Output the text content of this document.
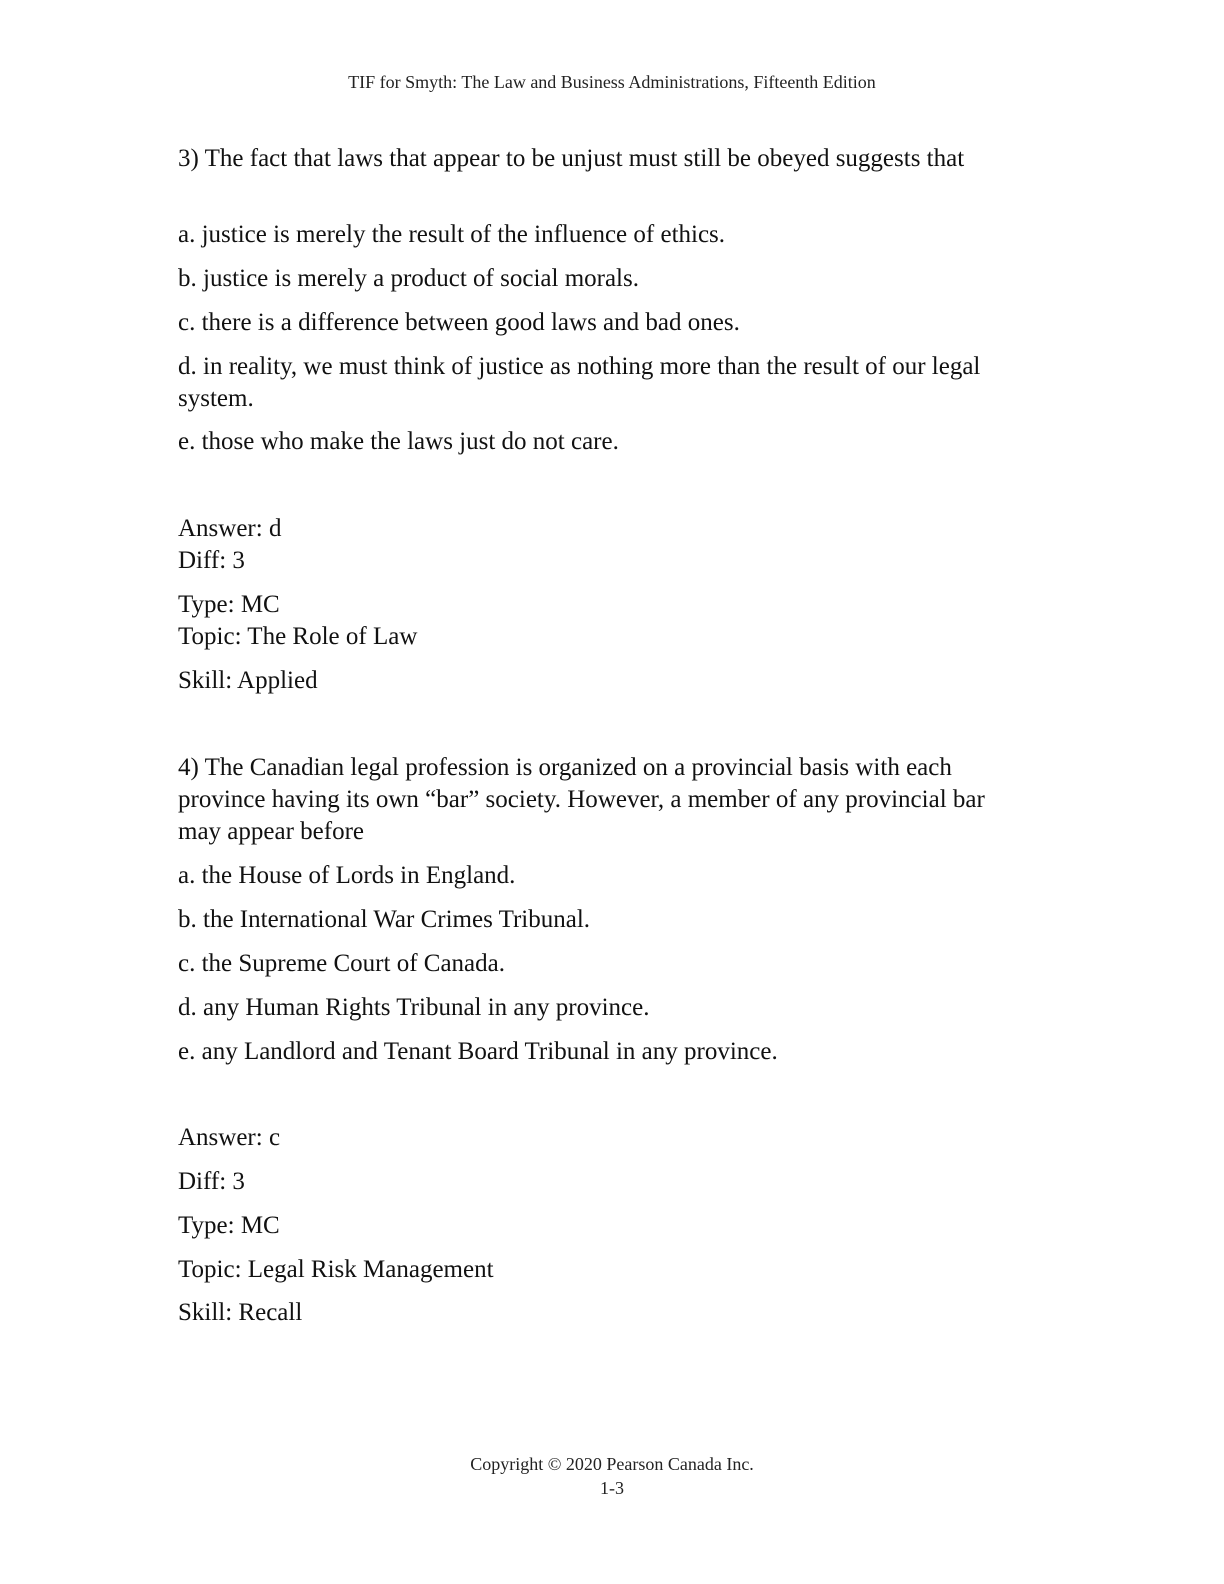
TIF for Smyth: The Law and Business Administrations, Fifteenth Edition
3) The fact that laws that appear to be unjust must still be obeyed suggests that
a. justice is merely the result of the influence of ethics.
b. justice is merely a product of social morals.
c. there is a difference between good laws and bad ones.
d. in reality, we must think of justice as nothing more than the result of our legal system.
e. those who make the laws just do not care.
Answer: d
Diff: 3
Type: MC
Topic: The Role of Law
Skill: Applied
4) The Canadian legal profession is organized on a provincial basis with each province having its own “bar” society. However, a member of any provincial bar may appear before
a. the House of Lords in England.
b. the International War Crimes Tribunal.
c. the Supreme Court of Canada.
d. any Human Rights Tribunal in any province.
e. any Landlord and Tenant Board Tribunal in any province.
Answer: c
Diff: 3
Type: MC
Topic: Legal Risk Management
Skill: Recall
Copyright © 2020 Pearson Canada Inc.
1-3
